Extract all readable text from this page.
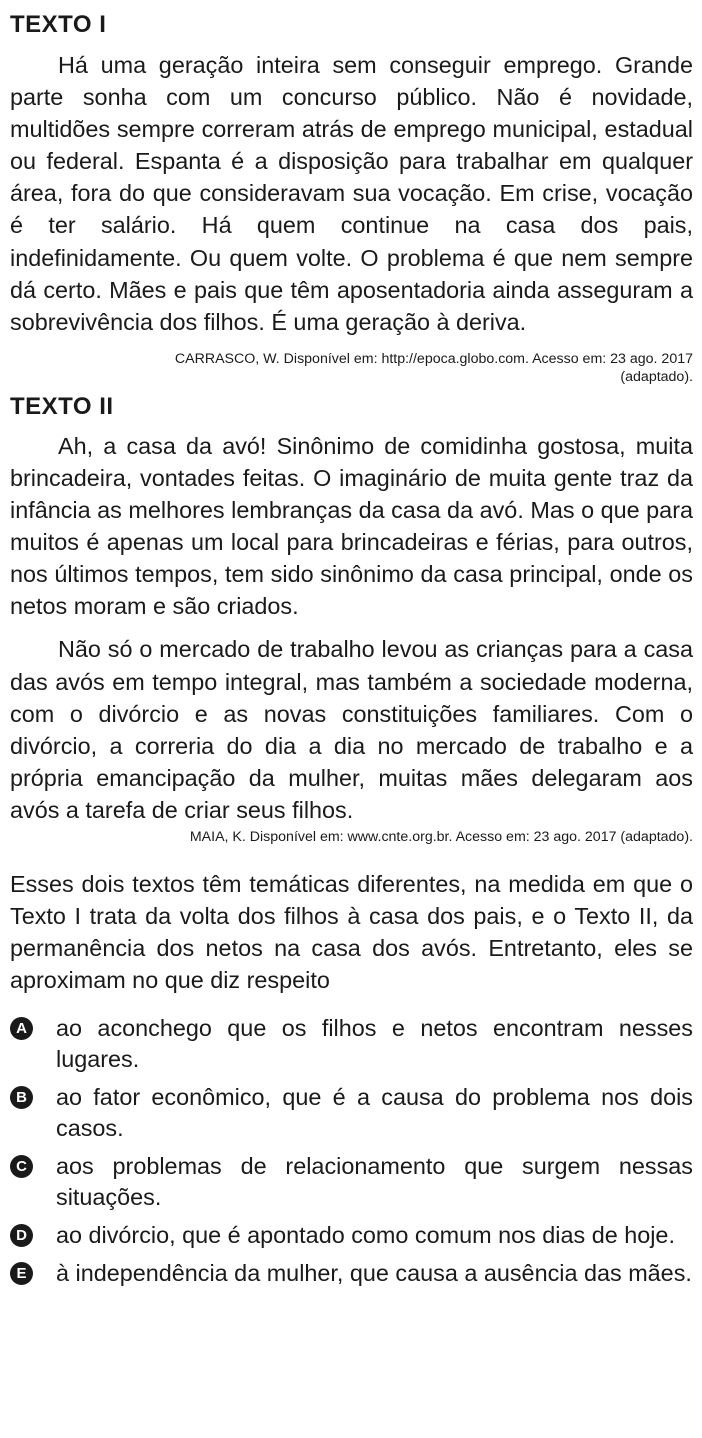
TEXTO I

Há uma geração inteira sem conseguir emprego. Grande parte sonha com um concurso público. Não é novidade, multidões sempre correram atrás de emprego municipal, estadual ou federal. Espanta é a disposição para trabalhar em qualquer área, fora do que consideravam sua vocação. Em crise, vocação é ter salário. Há quem continue na casa dos pais, indefinidamente. Ou quem volte. O problema é que nem sempre dá certo. Mães e pais que têm aposentadoria ainda asseguram a sobrevivência dos filhos. É uma geração à deriva.

CARRASCO, W. Disponível em: http://epoca.globo.com. Acesso em: 23 ago. 2017

(adaptado).

TEXTO II

Ah, a casa da avó! Sinônimo de comidinha gostosa, muita brincadeira, vontades feitas. O imaginário de muita gente traz da infância as melhores lembranças da casa da avó. Mas o que para muitos é apenas um local para brincadeiras e férias, para outros, nos últimos tempos, tem sido sinônimo da casa principal, onde os netos moram e são criados.

Não só o mercado de trabalho levou as crianças para a casa das avós em tempo integral, mas também a sociedade moderna, com o divórcio e as novas constituições familiares. Com o divórcio, a correria do dia a dia no mercado de trabalho e a própria emancipação da mulher, muitas mães delegaram aos avós a tarefa de criar seus filhos.

MAIA, K. Disponível em: www.cnte.org.br. Acesso em: 23 ago. 2017 (adaptado).

Esses dois textos têm temáticas diferentes, na medida em que o Texto I trata da volta dos filhos à casa dos pais, e o Texto II, da permanência dos netos na casa dos avós. Entretanto, eles se aproximam no que diz respeito

A ao aconchego que os filhos e netos encontram nesses lugares.
B ao fator econômico, que é a causa do problema nos dois casos.
C aos problemas de relacionamento que surgem nessas situações.
D ao divórcio, que é apontado como comum nos dias de hoje.
E à independência da mulher, que causa a ausência das mães.
